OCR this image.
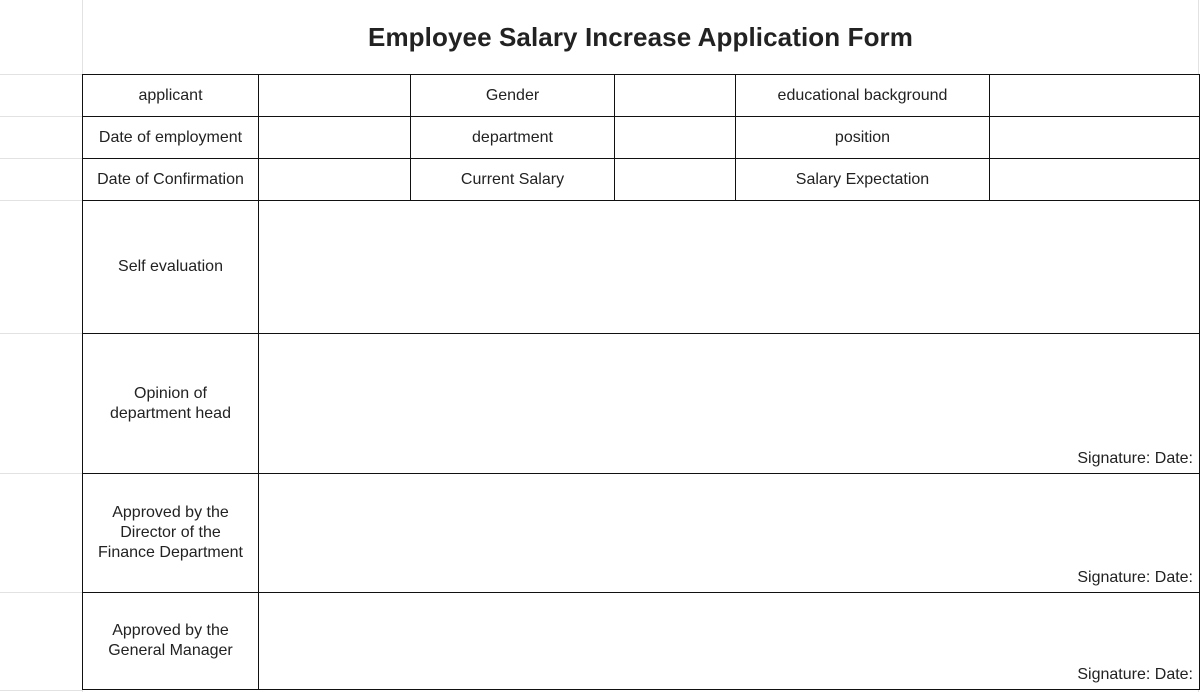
Employee Salary Increase Application Form
applicant		Gender		educational background	
Date of employment		department		position	
Date of Confirmation		Current Salary		Salary Expectation	
Self evaluation					

Opinion of
department head	Signature: Date:				

Approved by the
Director of the
Finance Department	Signature: Date:				

Approved by the
General Manager	Signature: Date:				
